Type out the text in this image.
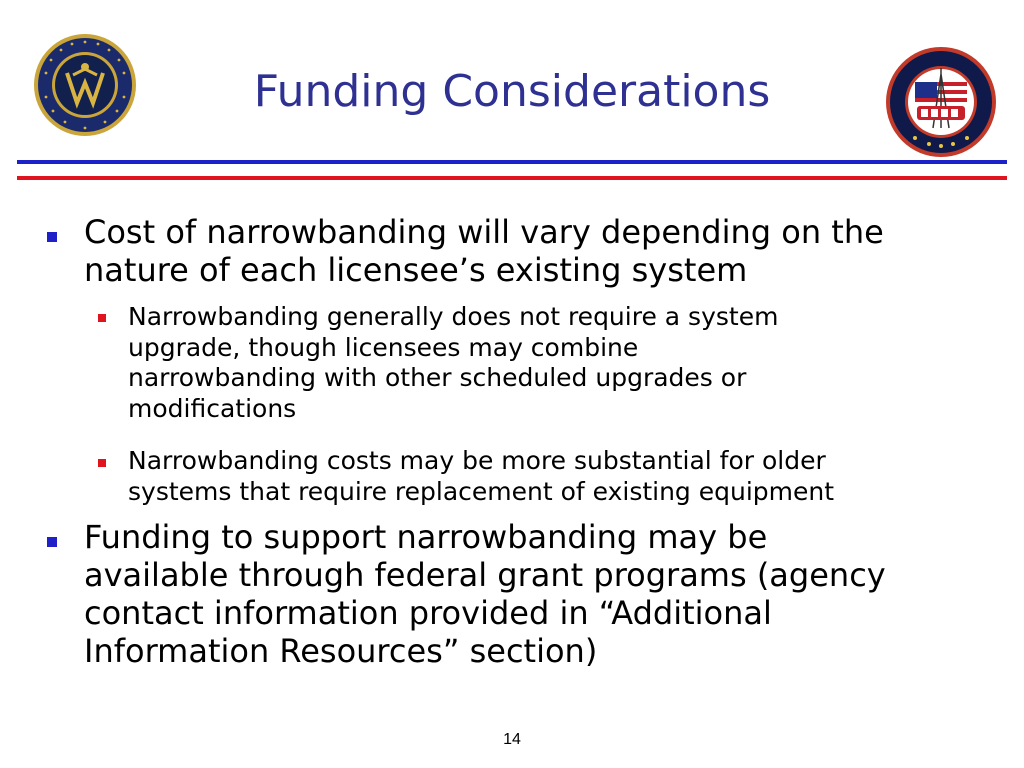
Funding Considerations
Cost of narrowbanding will vary depending on the
nature of each licensee’s existing system
Narrowbanding generally does not require a system
upgrade, though licensees may combine
narrowbanding with other scheduled upgrades or
modifications
Narrowbanding costs may be more substantial for older
systems that require replacement of existing equipment
Funding to support narrowbanding may be
available through federal grant programs (agency
contact information provided in “Additional
Information Resources” section)
14
